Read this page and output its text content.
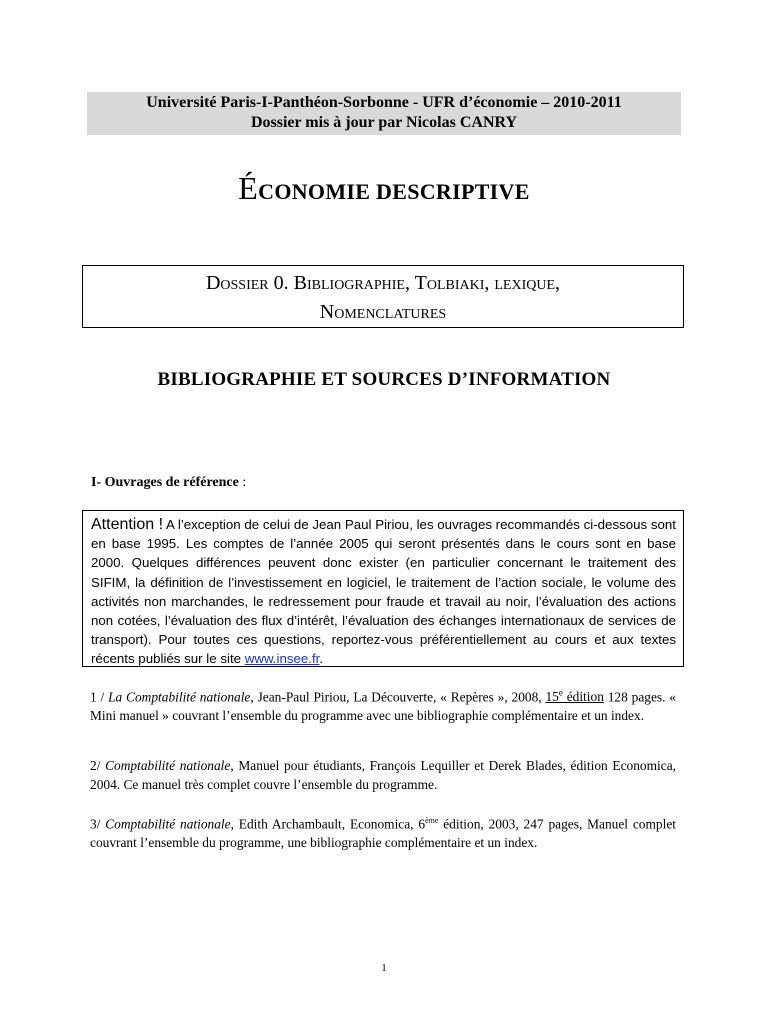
Université Paris-I-Panthéon-Sorbonne - UFR d’économie – 2010-2011
Dossier mis à jour par Nicolas CANRY
ÉCONOMIE DESCRIPTIVE
Dossier 0. Bibliographie, Tolbiaki, lexique,
Nomenclatures
BIBLIOGRAPHIE ET SOURCES D’INFORMATION
I- Ouvrages de référence :
Attention ! A l’exception de celui de Jean Paul Piriou, les ouvrages recommandés ci-dessous sont en base 1995. Les comptes de l’année 2005 qui seront présentés dans le cours sont en base 2000. Quelques différences peuvent donc exister (en particulier concernant le traitement des SIFIM, la définition de l’investissement en logiciel, le traitement de l’action sociale, le volume des activités non marchandes, le redressement pour fraude et travail au noir, l’évaluation des actions non cotées, l’évaluation des flux d’intérêt, l’évaluation des échanges internationaux de services de transport). Pour toutes ces questions, reportez-vous préférentiellement au cours et aux textes récents publiés sur le site www.insee.fr.
1 / La Comptabilité nationale, Jean-Paul Piriou, La Découverte, « Repères », 2008, 15e édition 128 pages. « Mini manuel » couvrant l’ensemble du programme avec une bibliographie complémentaire et un index.
2/ Comptabilité nationale, Manuel pour étudiants, François Lequiller et Derek Blades, édition Economica, 2004. Ce manuel très complet couvre l’ensemble du programme.
3/ Comptabilité nationale, Edith Archambault, Economica, 6ème édition, 2003, 247 pages, Manuel complet couvrant l’ensemble du programme, une bibliographie complémentaire et un index.
1
